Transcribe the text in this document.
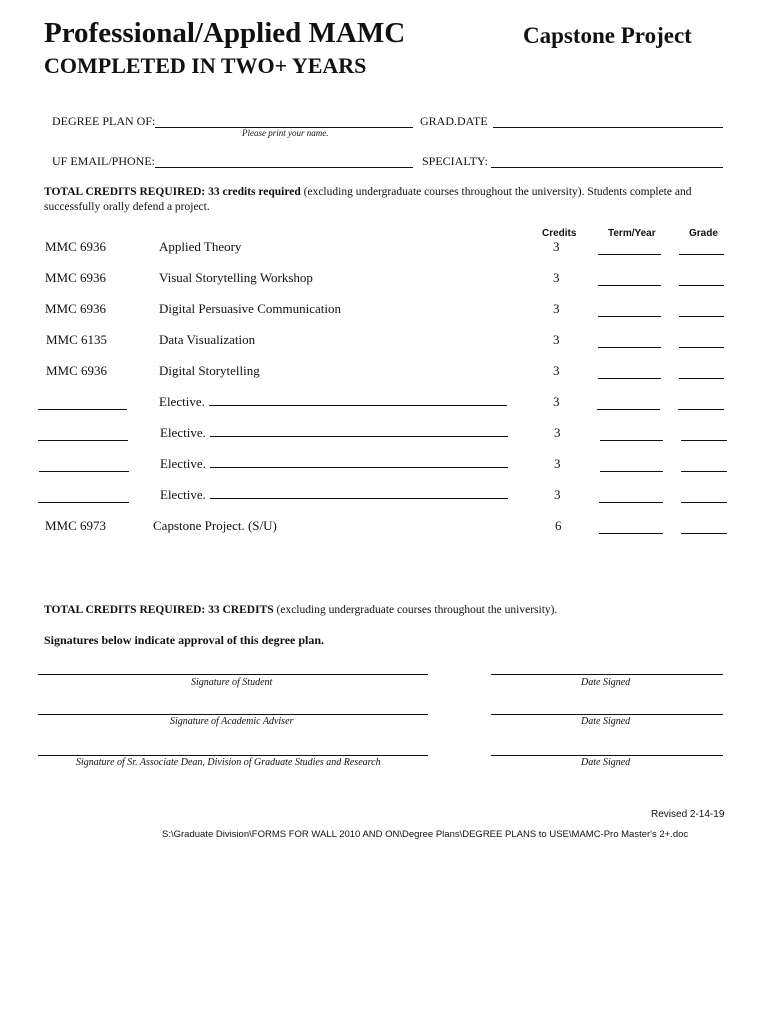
Professional/Applied MAMC
COMPLETED IN TWO+ YEARS
Capstone Project
DEGREE PLAN OF:
Please print your name.
GRAD.DATE
UF EMAIL/PHONE:	SPECIALTY:
TOTAL CREDITS REQUIRED: 33 credits required (excluding undergraduate courses throughout the university). Students complete and successfully orally defend a project.
Credits	Term/Year	Grade
MMC 6936	Applied Theory	3
MMC 6936	Visual Storytelling Workshop	3
MMC 6936	Digital Persuasive Communication	3
MMC 6135	Data Visualization	3
MMC 6936	Digital Storytelling	3
Elective.	3
Elective.	3
Elective.	3
Elective.	3
MMC 6973	Capstone Project. (S/U)	6
TOTAL CREDITS REQUIRED: 33 CREDITS (excluding undergraduate courses throughout the university).
Signatures below indicate approval of this degree plan.
Signature of Student	Date Signed
Signature of Academic Adviser	Date Signed
Signature of Sr. Associate Dean, Division of Graduate Studies and Research	Date Signed
Revised 2-14-19
S:\Graduate Division\FORMS FOR WALL 2010 AND ON\Degree Plans\DEGREE PLANS to USE\MAMC-Pro Master's 2+.doc
